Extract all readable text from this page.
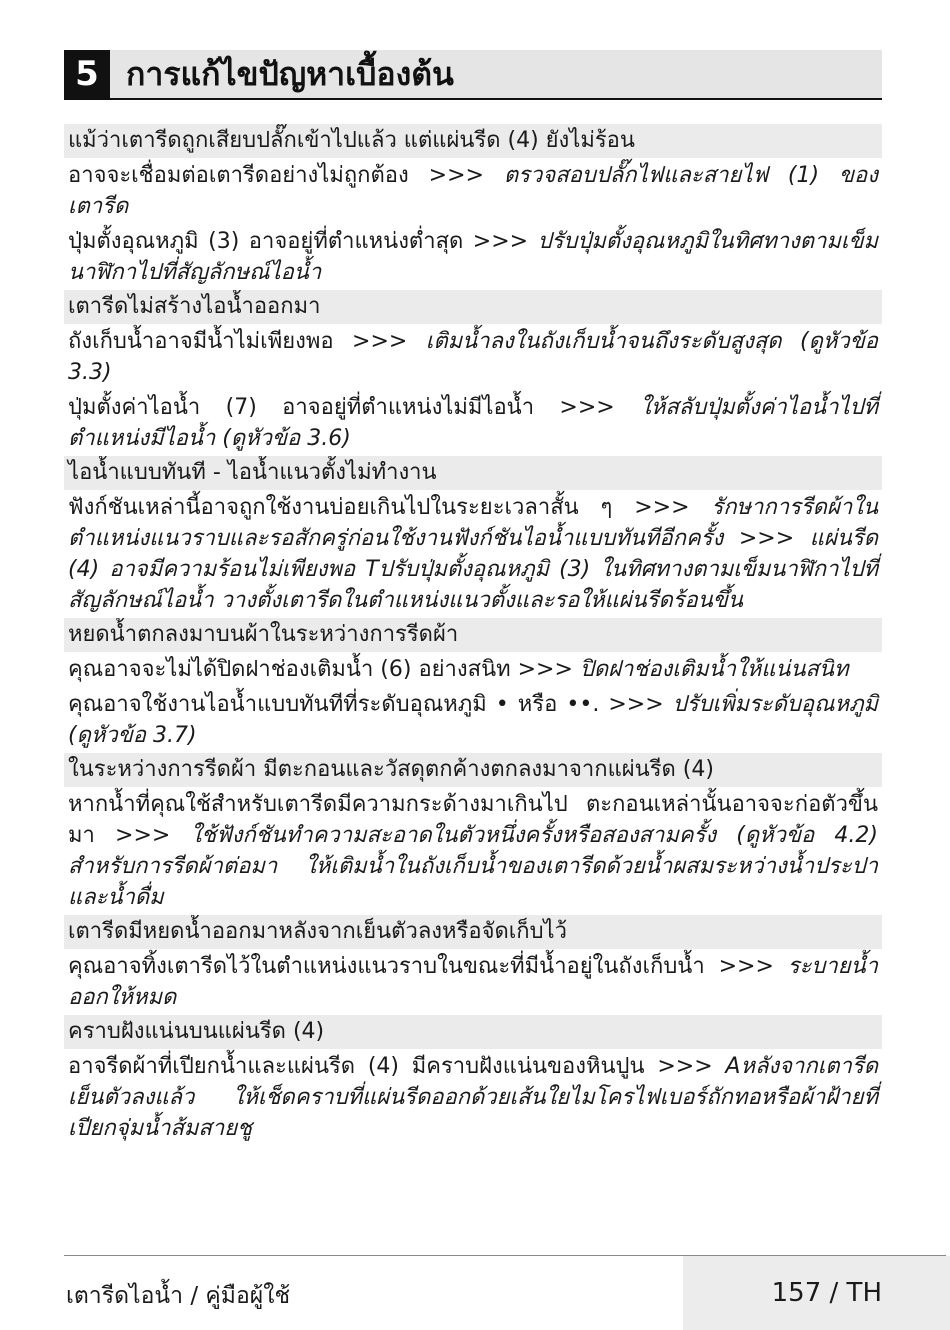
5 การแก้ไขปัญหาเบื้องต้น
แม้ว่าเตารีดถูกเสียบปลั๊กเข้าไปแล้ว แต่แผ่นรีด (4) ยังไม่ร้อน
อาจจะเชื่อมต่อเตารีดอย่างไม่ถูกต้อง >>> ตรวจสอบปลั๊กไฟและสายไฟ (1) ของเตารีด
ปุ่มตั้งอุณหภูมิ (3) อาจอยู่ที่ตำแหน่งต่ำสุด >>> ปรับปุ่มตั้งอุณหภูมิในทิศทางตามเข็มนาฬิกาไปที่สัญลักษณ์ไอน้ำ
เตารีดไม่สร้างไอน้ำออกมา
ถังเก็บน้ำอาจมีน้ำไม่เพียงพอ >>> เติมน้ำลงในถังเก็บน้ำจนถึงระดับสูงสุด (ดูหัวข้อ 3.3)
ปุ่มตั้งค่าไอน้ำ (7) อาจอยู่ที่ตำแหน่งไม่มีไอน้ำ >>> ให้สลับปุ่มตั้งค่าไอน้ำไปที่ตำแหน่งมีไอน้ำ (ดูหัวข้อ 3.6)
ไอน้ำแบบทันที - ไอน้ำแนวตั้งไม่ทำงาน
ฟังก์ชันเหล่านี้อาจถูกใช้งานบ่อยเกินไปในระยะเวลาสั้น ๆ >>> รักษาการรีดผ้าในตำแหน่งแนวราบและรอสักครู่ก่อนใช้งานฟังก์ชันไอน้ำแบบทันทีอีกครั้ง >>> แผ่นรีด (4) อาจมีความร้อนไม่เพียงพอ Tปรับปุ่มตั้งอุณหภูมิ (3) ในทิศทางตามเข็มนาฬิกาไปที่สัญลักษณ์ไอน้ำ วางตั้งเตารีดในตำแหน่งแนวตั้งและรอให้แผ่นรีดร้อนขึ้น
หยดน้ำตกลงมาบนผ้าในระหว่างการรีดผ้า
คุณอาจจะไม่ได้ปิดฝาช่องเติมน้ำ (6) อย่างสนิท >>> ปิดฝาช่องเติมน้ำให้แน่นสนิท
คุณอาจใช้งานไอน้ำแบบทันทีที่ระดับอุณหภูมิ • หรือ ••. >>> ปรับเพิ่มระดับอุณหภูมิ (ดูหัวข้อ 3.7)
ในระหว่างการรีดผ้า มีตะกอนและวัสดุตกค้างตกลงมาจากแผ่นรีด (4)
หากน้ำที่คุณใช้สำหรับเตารีดมีความกระด้างมาเกินไป ตะกอนเหล่านั้นอาจจะก่อตัวขึ้นมา >>> ใช้ฟังก์ชันทำความสะอาดในตัวหนึ่งครั้งหรือสองสามครั้ง (ดูหัวข้อ 4.2) สำหรับการรีดผ้าต่อมา ให้เติมน้ำในถังเก็บน้ำของเตารีดด้วยน้ำผสมระหว่างน้ำประปาและน้ำดื่ม
เตารีดมีหยดน้ำออกมาหลังจากเย็นตัวลงหรือจัดเก็บไว้
คุณอาจทิ้งเตารีดไว้ในตำแหน่งแนวราบในขณะที่มีน้ำอยู่ในถังเก็บน้ำ >>> ระบายน้ำออกให้หมด
คราบฝังแน่นบนแผ่นรีด (4)
อาจรีดผ้าที่เปียกน้ำและแผ่นรีด (4) มีคราบฝังแน่นของหินปูน >>> Aหลังจากเตารีดเย็นตัวลงแล้ว ให้เช็ดคราบที่แผ่นรีดออกด้วยเส้นใยไมโครไฟเบอร์ถักทอหรือผ้าฝ้ายที่เปียกจุ่มน้ำส้มสายชู
เตารีดไอน้ำ / คู่มือผู้ใช้	157 / TH
